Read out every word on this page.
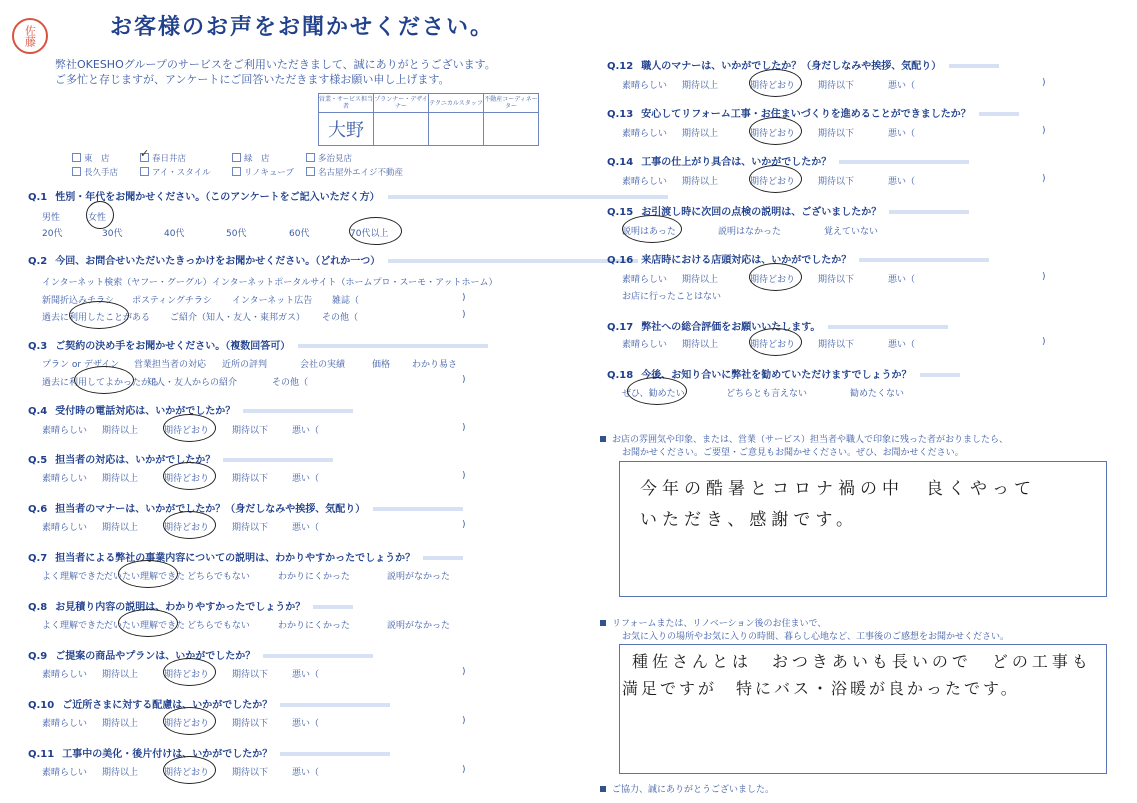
佐藤	お客様のお声をお聞かせください。
弊社OKESHOグループのサービスをご利用いただきまして、誠にありがとうございます。
ご多忙と存じますが、アンケートにご回答いただきます様お願い申し上げます。
営業・サービス担当者	プランナー・デザイナー	テクニカルスタッフ	不動産コーディネーター
大野			
東　店 ✓	春日井店	緑　店	多治見店
長久手店	アイ・スタイル	リノキューブ	名古屋外エイジ不動産
Q.1 性別・年代をお聞かせください。（このアンケートをご記入いただく方）
男性	女性
20代	30代	40代	50代	60代	70代以上
Q.2 今回、お問合せいただいたきっかけをお聞かせください。（どれか一つ）
インターネット検索（ヤフー・グーグル） インターネットポータルサイト（ホームプロ・スーモ・アットホーム）
新聞折込みチラシ ポスティングチラシ インターネット広告 雑誌（	)
過去に利用したことがある ご紹介（知人・友人・東邦ガス） その他（	)
Q.3 ご契約の決め手をお聞かせください。（複数回答可）
プラン or デザイン 営業担当者の対応 近所の評判	会社の実績	価格 わかり易さ
過去に利用してよかったから
知人・友人からの紹介	その他（	)
Q.4 受付時の電話対応は、いかがでしたか？
素晴らしい 期待以上	期待どおり	期待以下	悪い（	)
Q.5 担当者の対応は、いかがでしたか？
素晴らしい 期待以上	期待どおり	期待以下	悪い（	)
Q.6 担当者のマナーは、いかがでしたか？（身だしなみや挨拶、気配り）
素晴らしい 期待以上	期待どおり	期待以下	悪い（	)
Q.7 担当者による弊社の事業内容についての説明は、わかりやすかったでしょうか？
よく理解できた
だいたい理解できた どちらでもない	わかりにくかった	説明がなかった
Q.8 お見積り内容の説明は、わかりやすかったでしょうか？
よく理解できた
だいたい理解できた どちらでもない	わかりにくかった	説明がなかった
Q.9 ご提案の商品やプランは、いかがでしたか？
素晴らしい 期待以上	期待どおり	期待以下	悪い（	)
Q.10 ご近所さまに対する配慮は、いかがでしたか？
素晴らしい 期待以上	期待どおり	期待以下	悪い（	)
Q.11 工事中の美化・後片付けは、いかがでしたか？
素晴らしい 期待以上	期待どおり	期待以下	悪い（	)
Q.12 職人のマナーは、いかがでしたか？（身だしなみや挨拶、気配り）
素晴らしい 期待以上	期待どおり	期待以下	悪い（	)
Q.13 安心してリフォーム工事・お住まいづくりを進めることができましたか？
素晴らしい 期待以上	期待どおり	期待以下	悪い（	)
Q.14 工事の仕上がり具合は、いかがでしたか？
素晴らしい 期待以上	期待どおり	期待以下	悪い（	)
Q.15 お引渡し時に次回の点検の説明は、ございましたか？
説明はあった	説明はなかった	覚えていない
Q.16 来店時における店頭対応は、いかがでしたか？
素晴らしい 期待以上	期待どおり	期待以下	悪い（	)
お店に行ったことはない
Q.17 弊社への総合評価をお願いいたします。
素晴らしい 期待以上	期待どおり	期待以下	悪い（	)
Q.18 今後、お知り合いに弊社を勧めていただけますでしょうか？
ぜひ、勧めたい	どちらとも言えない	勧めたくない
お店の雰囲気や印象、または、営業（サービス）担当者や職人で印象に残った者がおりましたら、
お聞かせください。ご要望・ご意見もお聞かせください。ぜひ、お聞かせください。
今年の酷暑とコロナ禍の中　良くやって
いただき、感謝です。
リフォームまたは、リノベーション後のお住まいで、
お気に入りの場所やお気に入りの時間、暮らし心地など、工事後のご感想をお聞かせください。
種佐さんとは　おつきあいも長いので　どの工事も
満足ですが　特にバス・浴暖が良かったです。
ご協力、誠にありがとうございました。
